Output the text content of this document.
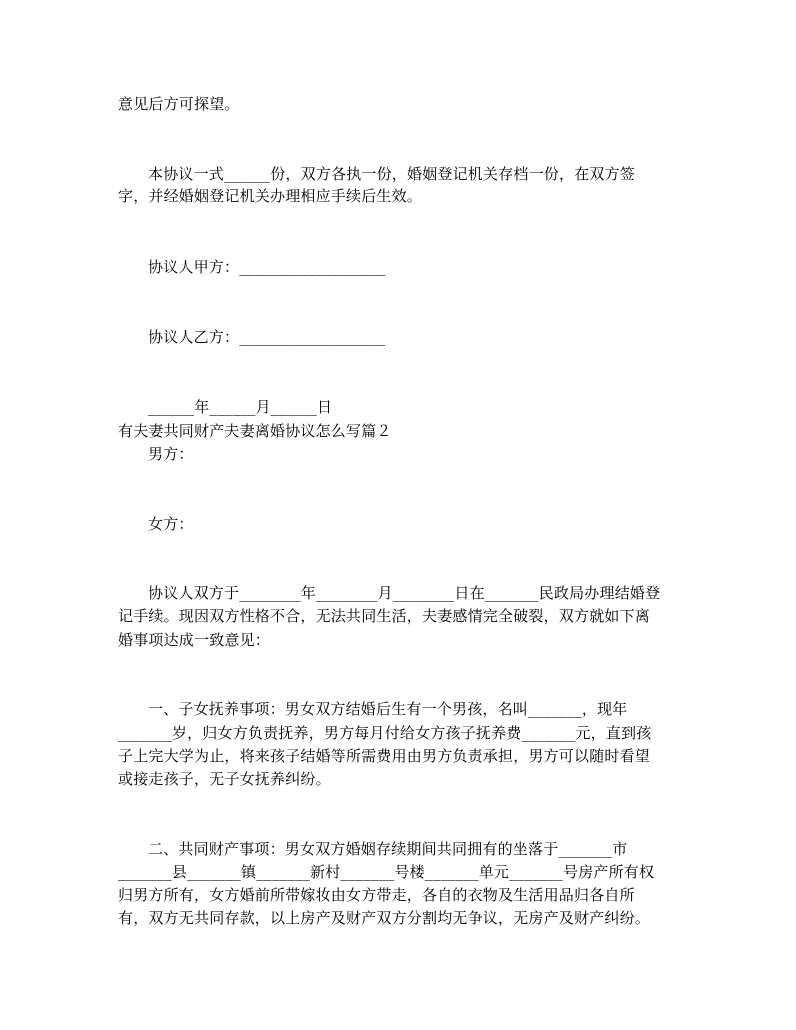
意见后方可探望。
本协议一式______份，双方各执一份，婚姻登记机关存档一份，在双方签
字，并经婚姻登记机关办理相应手续后生效。
协议人甲方：___________________
协议人乙方：___________________
______年______月______日
有夫妻共同财产夫妻离婚协议怎么写篇２
男方：
女方：
协议人双方于________年________月________日在_______民政局办理结婚登
记手续。现因双方性格不合，无法共同生活，夫妻感情完全破裂，双方就如下离
婚事项达成一致意见：
一、子女抚养事项：男女双方结婚后生有一个男孩，名叫_______，现年
_______岁，归女方负责抚养，男方每月付给女方孩子抚养费_______元，直到孩
子上完大学为止，将来孩子结婚等所需费用由男方负责承担，男方可以随时看望
或接走孩子，无子女抚养纠纷。
二、共同财产事项：男女双方婚姻存续期间共同拥有的坐落于_______市
_______县_______镇_______新村_______号楼_______单元_______号房产所有权
归男方所有，女方婚前所带嫁妆由女方带走，各自的衣物及生活用品归各自所
有，双方无共同存款，以上房产及财产双方分割均无争议，无房产及财产纠纷。
